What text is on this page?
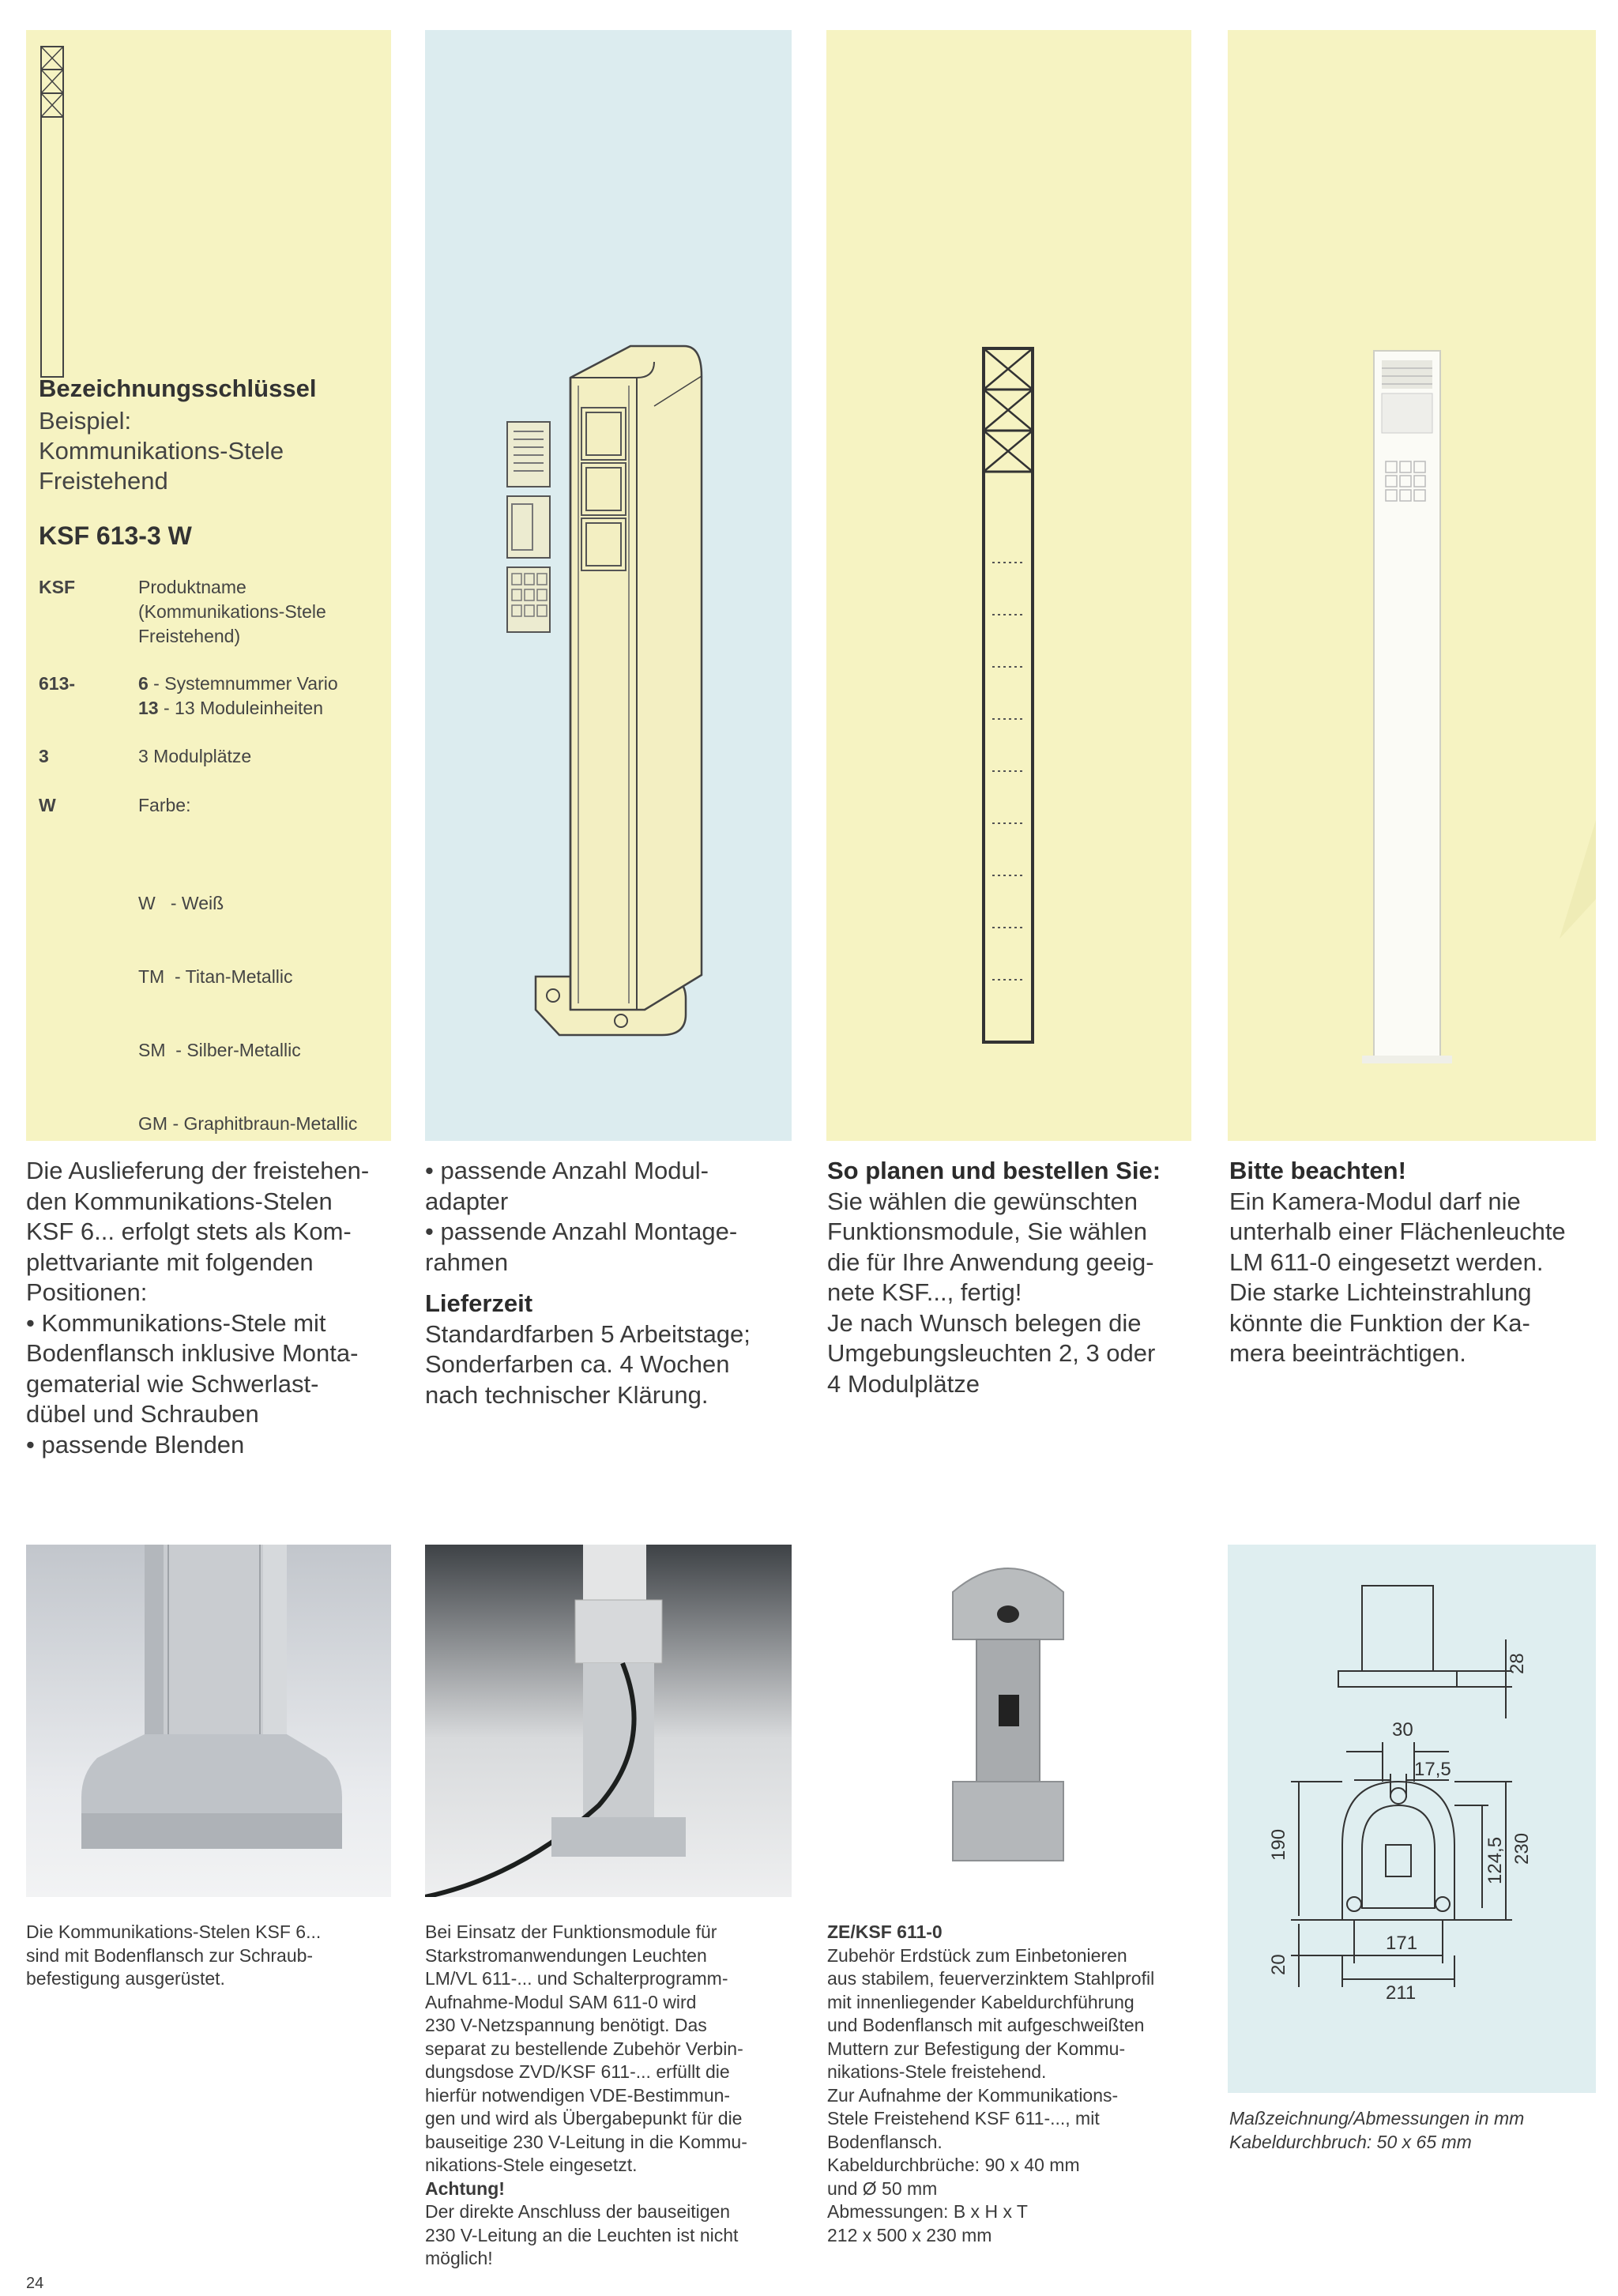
Bezeichnungsschlüssel
Beispiel:
Kommunikations-Stele
Freistehend
KSF 613-3 W
KSF	Produktname
(Kommunikations-Stele
Freistehend)
613-	6 - Systemnummer Vario
13 - 13 Moduleinheiten
3	3 Modulplätze
W	Farbe:

W   - Weiß

TM  - Titan-Metallic

SM  - Silber-Metallic

GM - Graphitbraun-Metallic

Die Auslieferung der freistehen-
den Kommunikations-Stelen
KSF 6... erfolgt stets als Kom-
plettvariante mit folgenden
Positionen:
• Kommunikations-Stele mit
Bodenflansch inklusive Monta-
gematerial wie Schwerlast-
dübel und Schrauben
• passende Blenden
• passende Anzahl Modul-
adapter
• passende Anzahl Montage-
rahmen
Lieferzeit
Standardfarben 5 Arbeitstage;
Sonderfarben ca. 4 Wochen
nach technischer Klärung.
So planen und bestellen Sie:
Sie wählen die gewünschten
Funktionsmodule, Sie wählen
die für Ihre Anwendung geeig-
nete KSF..., fertig!
Je nach Wunsch belegen die
Umgebungsleuchten 2, 3 oder
4 Modulplätze
Bitte beachten!
Ein Kamera-Modul darf nie
unterhalb einer Flächenleuchte
LM 611-0 eingesetzt werden.
Die starke Lichteinstrahlung
könnte die Funktion der Ka-
mera beeinträchtigen.
28
30
17,5
190	230
124,5
20
171
211
Die Kommunikations-Stelen KSF 6...
sind mit Bodenflansch zur Schraub-
befestigung ausgerüstet.
Bei Einsatz der Funktionsmodule für
Starkstromanwendungen Leuchten
LM/VL 611-... und Schalterprogramm-
Aufnahme-Modul SAM 611-0 wird
230 V-Netzspannung benötigt. Das
separat zu bestellende Zubehör Verbin-
dungsdose ZVD/KSF 611-... erfüllt die
hierfür notwendigen VDE-Bestimmun-
gen und wird als Übergabepunkt für die
bauseitige 230 V-Leitung in die Kommu-
nikations-Stele eingesetzt.
Achtung!
Der direkte Anschluss der bauseitigen
230 V-Leitung an die Leuchten ist nicht
möglich!
ZE/KSF 611-0
Zubehör Erdstück zum Einbetonieren
aus stabilem, feuerverzinktem Stahlprofil
mit innenliegender Kabeldurchführung
und Bodenflansch mit aufgeschweißten
Muttern zur Befestigung der Kommu-
nikations-Stele freistehend.
Zur Aufnahme der Kommunikations-
Stele Freistehend KSF 611-..., mit
Bodenflansch.
Kabeldurchbrüche: 90 x 40 mm
und Ø 50 mm
Abmessungen: B x H x T
212 x 500 x 230 mm
Maßzeichnung/Abmessungen in mm
Kabeldurchbruch: 50 x 65 mm
24
